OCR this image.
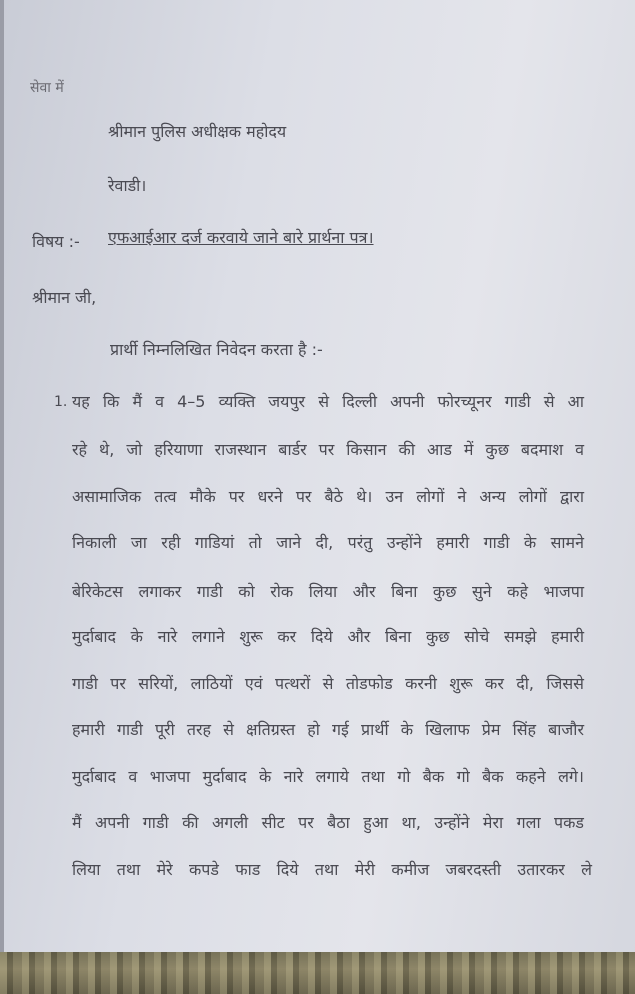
सेवा में
श्रीमान पुलिस अधीक्षक महोदय
रेवाडी।
विषय :- एफआईआर दर्ज करवाये जाने बारे प्रार्थना पत्र।
श्रीमान जी,
प्रार्थी निम्नलिखित निवेदन करता है :-
1. यह कि मैं व 4–5 व्यक्ति जयपुर से दिल्ली अपनी फोरच्यूनर गाडी से आ
रहे थे, जो हरियाणा राजस्थान बार्डर पर किसान की आड में कुछ बदमाश व
असामाजिक तत्व मौके पर धरने पर बैठे थे। उन लोगों ने अन्य लोगों द्वारा
निकाली जा रही गाडियां तो जाने दी, परंतु उन्होंने हमारी गाडी के सामने
बेरिकेटस लगाकर गाडी को रोक लिया और बिना कुछ सुने कहे भाजपा
मुर्दाबाद के नारे लगाने शुरू कर दिये और बिना कुछ सोचे समझे हमारी
गाडी पर सरियों, लाठियों एवं पत्थरों से तोडफोड करनी शुरू कर दी, जिससे
हमारी गाडी पूरी तरह से क्षतिग्रस्त हो गई प्रार्थी के खिलाफ प्रेम सिंह बाजौर
मुर्दाबाद व भाजपा मुर्दाबाद के नारे लगाये तथा गो बैक गो बैक कहने लगे।
मैं अपनी गाडी की अगली सीट पर बैठा हुआ था, उन्होंने मेरा गला पकड
लिया तथा मेरे कपडे फाड दिये तथा मेरी कमीज जबरदस्ती उतारकर ले
